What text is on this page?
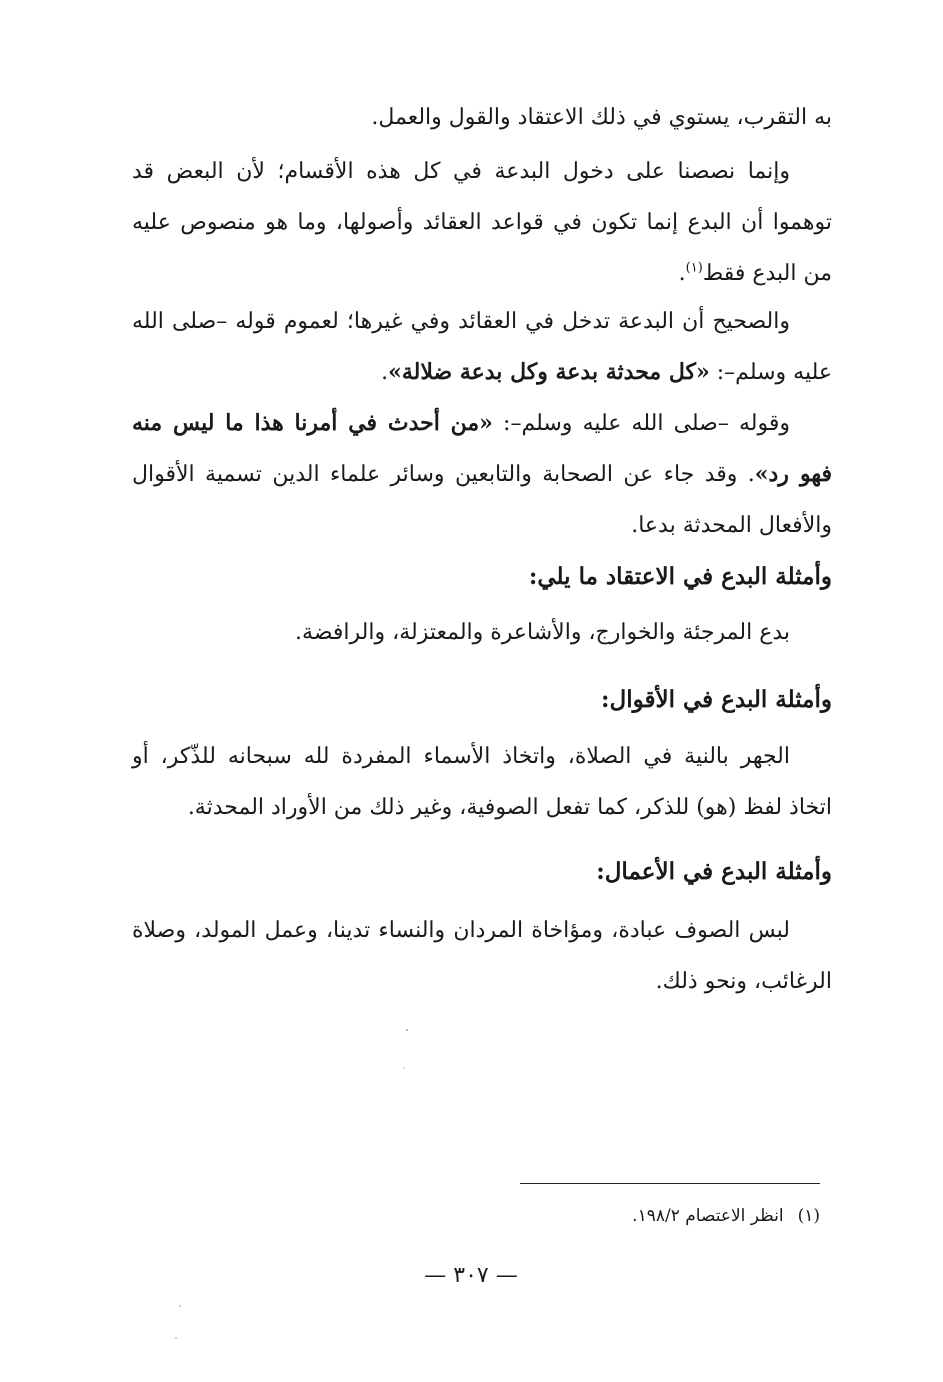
به التقرب، يستوي في ذلك الاعتقاد والقول والعمل.
وإنما نصصنا على دخول البدعة في كل هذه الأقسام؛ لأن البعض قد توهموا أن البدع إنما تكون في قواعد العقائد وأصولها، وما هو منصوص عليه من البدع فقط$^{(١)}$.
والصحيح أن البدعة تدخل في العقائد وفي غيرها؛ لعموم قوله –صلى الله عليه وسلم–: «كل محدثة بدعة وكل بدعة ضلالة».
وقوله –صلى الله عليه وسلم–: «من أحدث في أمرنا هذا ما ليس منه فهو رد». وقد جاء عن الصحابة والتابعين وسائر علماء الدين تسمية الأقوال والأفعال المحدثة بدعا.
وأمثلة البدع في الاعتقاد ما يلي:
بدع المرجئة والخوارج، والأشاعرة والمعتزلة، والرافضة.
وأمثلة البدع في الأقوال:
الجهر بالنية في الصلاة، واتخاذ الأسماء المفردة لله سبحانه للذّكر، أو اتخاذ لفظ (هو) للذكر، كما تفعل الصوفية، وغير ذلك من الأوراد المحدثة.
وأمثلة البدع في الأعمال:
لبس الصوف عبادة، ومؤاخاة المردان والنساء تدينا، وعمل المولد، وصلاة الرغائب، ونحو ذلك.
(١)انظر الاعتصام ١٩٨/٢.
— ٣٠٧ —
